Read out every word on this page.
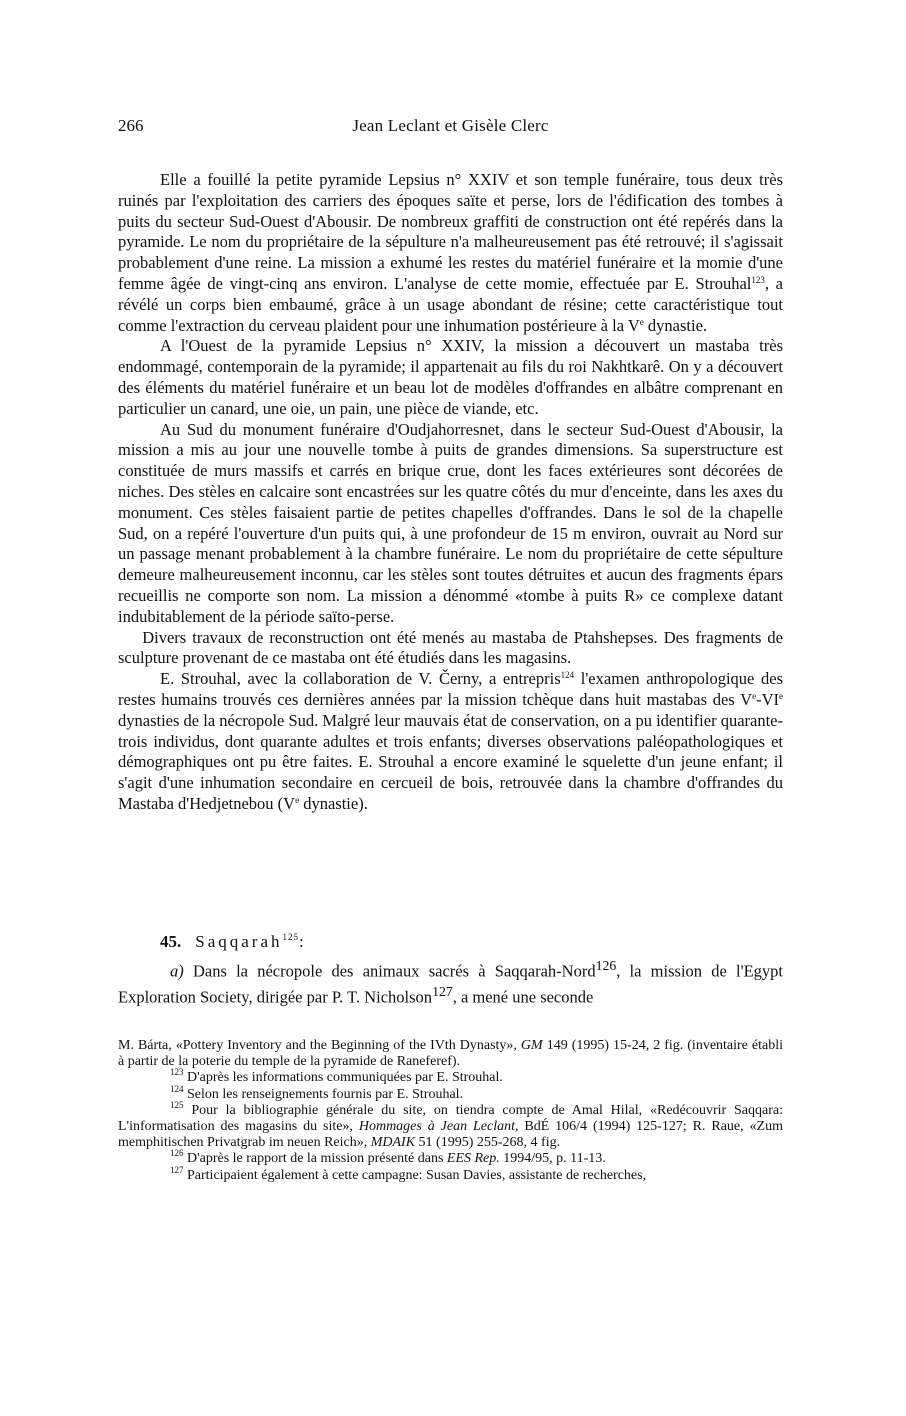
266	Jean Leclant et Gisèle Clerc

Elle a fouillé la petite pyramide Lepsius n° XXIV et son temple funéraire, tous deux très ruinés par l'exploitation des carriers des époques saïte et perse, lors de l'édification des tombes à puits du secteur Sud-Ouest d'Abousir. De nombreux graffiti de construction ont été repérés dans la pyramide. Le nom du propriétaire de la sépulture n'a malheureusement pas été retrouvé; il s'agissait probablement d'une reine. La mission a exhumé les restes du matériel funéraire et la momie d'une femme âgée de vingt-cinq ans environ. L'analyse de cette momie, effectuée par E. Strouhal$^{123}$, a révélé un corps bien embaumé, grâce à un usage abondant de résine; cette caractéristique tout comme l'extraction du cerveau plaident pour une inhumation postérieure à la Ve dynastie.

A l'Ouest de la pyramide Lepsius n° XXIV, la mission a découvert un mastaba très endommagé, contemporain de la pyramide; il appartenait au fils du roi Nakhtkarê. On y a découvert des éléments du matériel funéraire et un beau lot de modèles d'offrandes en albâtre comprenant en particulier un canard, une oie, un pain, une pièce de viande, etc.

Au Sud du monument funéraire d'Oudjahorresnet, dans le secteur Sud-Ouest d'Abousir, la mission a mis au jour une nouvelle tombe à puits de grandes dimensions. Sa superstructure est constituée de murs massifs et carrés en brique crue, dont les faces extérieures sont décorées de niches. Des stèles en calcaire sont encastrées sur les quatre côtés du mur d'enceinte, dans les axes du monument. Ces stèles faisaient partie de petites chapelles d'offrandes. Dans le sol de la chapelle Sud, on a repéré l'ouverture d'un puits qui, à une profondeur de 15 m environ, ouvrait au Nord sur un passage menant probablement à la chambre funéraire. Le nom du propriétaire de cette sépulture demeure malheureusement inconnu, car les stèles sont toutes détruites et aucun des fragments épars recueillis ne comporte son nom. La mission a dénommé «tombe à puits R» ce complexe datant indubitablement de la période saïto-perse.

Divers travaux de reconstruction ont été menés au mastaba de Ptahshepses. Des fragments de sculpture provenant de ce mastaba ont été étudiés dans les magasins.

E. Strouhal, avec la collaboration de V. Černy, a entrepris$^{124}$ l'examen anthropologique des restes humains trouvés ces dernières années par la mission tchèque dans huit mastabas des Ve-VIe dynasties de la nécropole Sud. Malgré leur mauvais état de conservation, on a pu identifier quarante-trois individus, dont quarante adultes et trois enfants; diverses observations paléopathologiques et démographiques ont pu être faites. E. Strouhal a encore examiné le squelette d'un jeune enfant; il s'agit d'une inhumation secondaire en cercueil de bois, retrouvée dans la chambre d'offrandes du Mastaba d'Hedjetnebou (Ve dynastie).

45. Saqqarah$^{125}$:

a) Dans la nécropole des animaux sacrés à Saqqarah-Nord$^{126}$, la mission de l'Egypt Exploration Society, dirigée par P. T. Nicholson$^{127}$, a mené une seconde

M. Bárta, «Pottery Inventory and the Beginning of the IVth Dynasty», GM 149 (1995) 15-24, 2 fig. (inventaire établi à partir de la poterie du temple de la pyramide de Raneferef).

$^{123}$ D'après les informations communiquées par E. Strouhal.

$^{124}$ Selon les renseignements fournis par E. Strouhal.

$^{125}$ Pour la bibliographie générale du site, on tiendra compte de Amal Hilal, «Redécouvrir Saqqara: L'informatisation des magasins du site», Hommages à Jean Leclant, BdÉ 106/4 (1994) 125-127; R. Raue, «Zum memphitischen Privatgrab im neuen Reich», MDAIK 51 (1995) 255-268, 4 fig.

$^{126}$ D'après le rapport de la mission présenté dans EES Rep. 1994/95, p. 11-13.

$^{127}$ Participaient également à cette campagne: Susan Davies, assistante de recherches,
